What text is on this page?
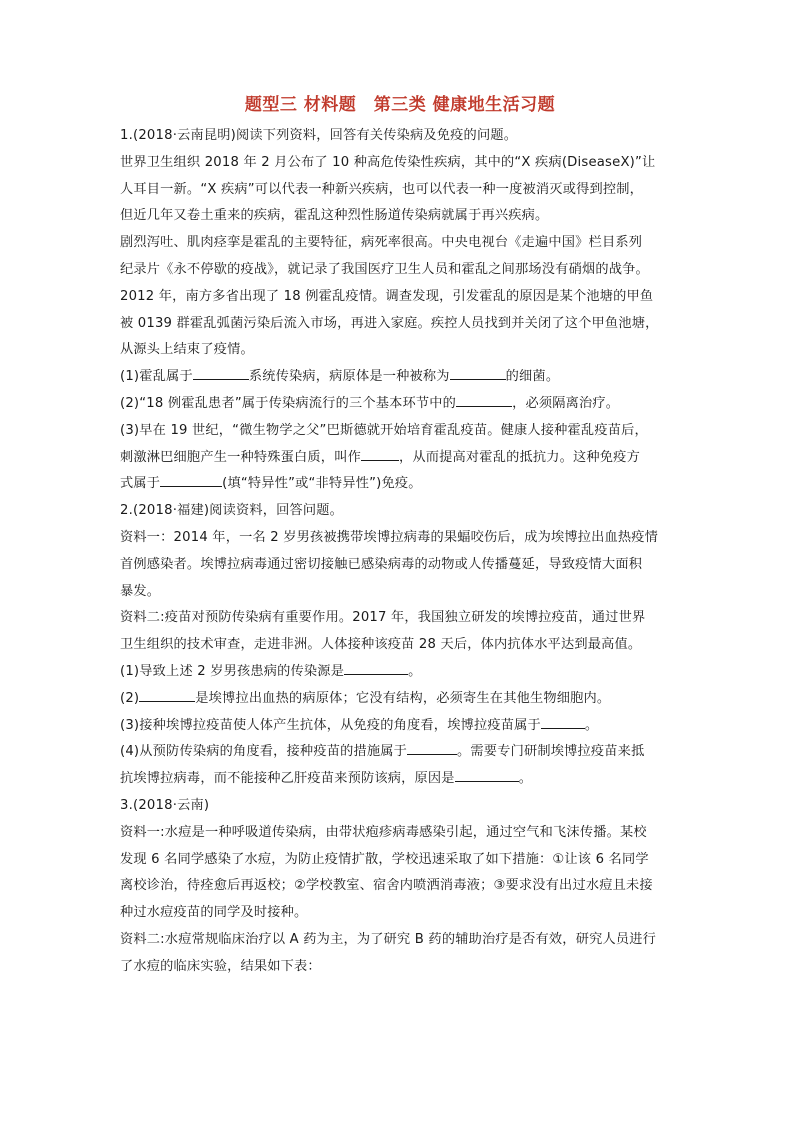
题型三 材料题　第三类 健康地生活习题
1.(2018·云南昆明)阅读下列资料，回答有关传染病及免疫的问题。
世界卫生组织 2018 年 2 月公布了 10 种高危传染性疾病，其中的“X 疾病(DiseaseX)”让
人耳目一新。“X 疾病”可以代表一种新兴疾病，也可以代表一种一度被消灭或得到控制，
但近几年又卷土重来的疾病，霍乱这种烈性肠道传染病就属于再兴疾病。
剧烈泻吐、肌肉痉挛是霍乱的主要特征，病死率很高。中央电视台《走遍中国》栏目系列
纪录片《永不停歇的疫战》，就记录了我国医疗卫生人员和霍乱之间那场没有硝烟的战争。
2012 年，南方多省出现了 18 例霍乱疫情。调查发现，引发霍乱的原因是某个池塘的甲鱼
被 0139 群霍乱弧菌污染后流入市场，再进入家庭。疾控人员找到并关闭了这个甲鱼池塘，
从源头上结束了疫情。
(1)霍乱属于	系统传染病，病原体是一种被称为	的细菌。
(2)“18 例霍乱患者”属于传染病流行的三个基本环节中的	，必须隔离治疗。
(3)早在 19 世纪，“微生物学之父”巴斯德就开始培育霍乱疫苗。健康人接种霍乱疫苗后，
刺激淋巴细胞产生一种特殊蛋白质，叫作	，从而提高对霍乱的抵抗力。这种免疫方
式属于	(填“特异性”或“非特异性”)免疫。
2.(2018·福建)阅读资料，回答问题。
资料一：2014 年，一名 2 岁男孩被携带埃博拉病毒的果蝠咬伤后，成为埃博拉出血热疫情
首例感染者。埃博拉病毒通过密切接触已感染病毒的动物或人传播蔓延，导致疫情大面积
暴发。
资料二:疫苗对预防传染病有重要作用。2017 年，我国独立研发的埃博拉疫苗，通过世界
卫生组织的技术审查，走进非洲。人体接种该疫苗 28 天后，体内抗体水平达到最高值。
(1)导致上述 2 岁男孩患病的传染源是	。
(2)	是埃博拉出血热的病原体；它没有结构，必须寄生在其他生物细胞内。
(3)接种埃博拉疫苗使人体产生抗体，从免疫的角度看，埃博拉疫苗属于	。
(4)从预防传染病的角度看，接种疫苗的措施属于	。需要专门研制埃博拉疫苗来抵
抗埃博拉病毒，而不能接种乙肝疫苗来预防该病，原因是	。
3.(2018·云南)
资料一:水痘是一种呼吸道传染病，由带状疱疹病毒感染引起，通过空气和飞沫传播。某校
发现 6 名同学感染了水痘，为防止疫情扩散，学校迅速采取了如下措施：①让该 6 名同学
离校诊治，待痊愈后再返校；②学校教室、宿舍内喷洒消毒液；③要求没有出过水痘且未接
种过水痘疫苗的同学及时接种。
资料二:水痘常规临床治疗以 A 药为主，为了研究 B 药的辅助治疗是否有效，研究人员进行
了水痘的临床实验，结果如下表：
